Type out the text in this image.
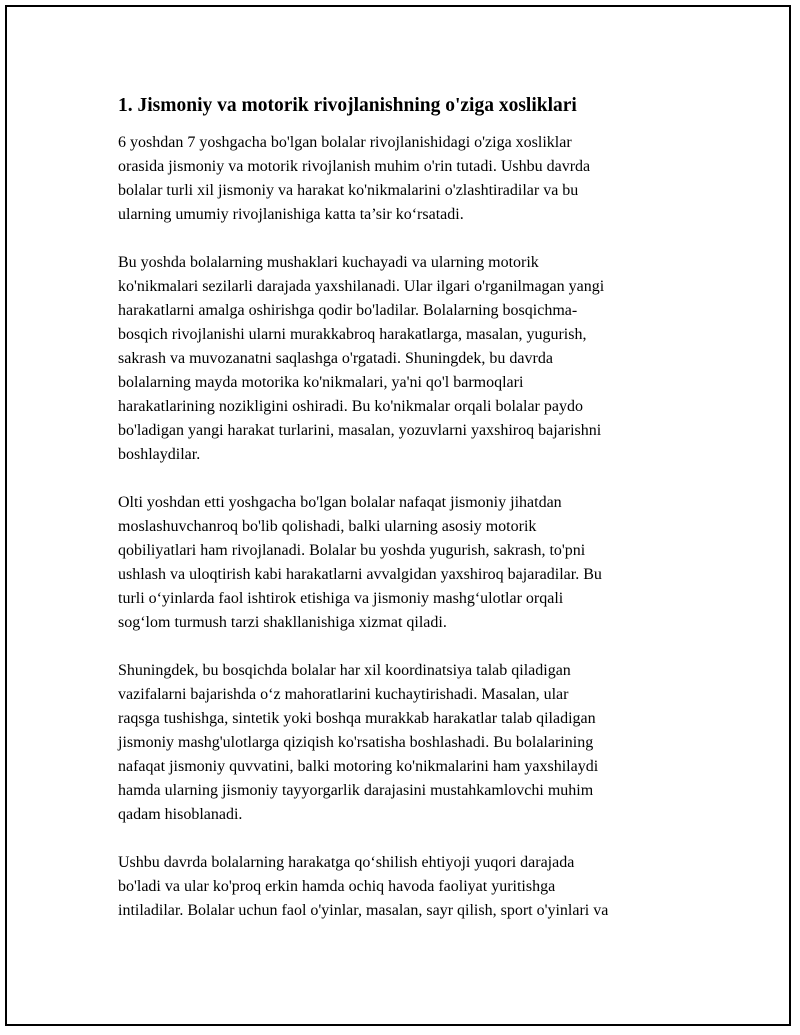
1. Jismoniy va motorik rivojlanishning o'ziga xosliklari
6 yoshdan 7 yoshgacha bo'lgan bolalar rivojlanishidagi o'ziga xosliklar
orasida jismoniy va motorik rivojlanish muhim o'rin tutadi. Ushbu davrda
bolalar turli xil jismoniy va harakat ko'nikmalarini o'zlashtiradilar va bu
ularning umumiy rivojlanishiga katta ta’sir ko‘rsatadi.
Bu yoshda bolalarning mushaklari kuchayadi va ularning motorik
ko'nikmalari sezilarli darajada yaxshilanadi. Ular ilgari o'rganilmagan yangi
harakatlarni amalga oshirishga qodir bo'ladilar. Bolalarning bosqichma-
bosqich rivojlanishi ularni murakkabroq harakatlarga, masalan, yugurish,
sakrash va muvozanatni saqlashga o'rgatadi. Shuningdek, bu davrda
bolalarning mayda motorika ko'nikmalari, ya'ni qo'l barmoqlari
harakatlarining nozikligini oshiradi. Bu ko'nikmalar orqali bolalar paydo
bo'ladigan yangi harakat turlarini, masalan, yozuvlarni yaxshiroq bajarishni
boshlaydilar.
Olti yoshdan etti yoshgacha bo'lgan bolalar nafaqat jismoniy jihatdan
moslashuvchanroq bo'lib qolishadi, balki ularning asosiy motorik
qobiliyatlari ham rivojlanadi. Bolalar bu yoshda yugurish, sakrash, to'pni
ushlash va uloqtirish kabi harakatlarni avvalgidan yaxshiroq bajaradilar. Bu
turli o‘yinlarda faol ishtirok etishiga va jismoniy mashg‘ulotlar orqali
sog‘lom turmush tarzi shakllanishiga xizmat qiladi.
Shuningdek, bu bosqichda bolalar har xil koordinatsiya talab qiladigan
vazifalarni bajarishda o‘z mahoratlarini kuchaytirishadi. Masalan, ular
raqsga tushishga, sintetik yoki boshqa murakkab harakatlar talab qiladigan
jismoniy mashg'ulotlarga qiziqish ko'rsatisha boshlashadi. Bu bolalarining
nafaqat jismoniy quvvatini, balki motoring ko'nikmalarini ham yaxshilaydi
hamda ularning jismoniy tayyorgarlik darajasini mustahkamlovchi muhim
qadam hisoblanadi.
Ushbu davrda bolalarning harakatga qo‘shilish ehtiyoji yuqori darajada
bo'ladi va ular ko'proq erkin hamda ochiq havoda faoliyat yuritishga
intiladilar. Bolalar uchun faol o'yinlar, masalan, sayr qilish, sport o'yinlari va
